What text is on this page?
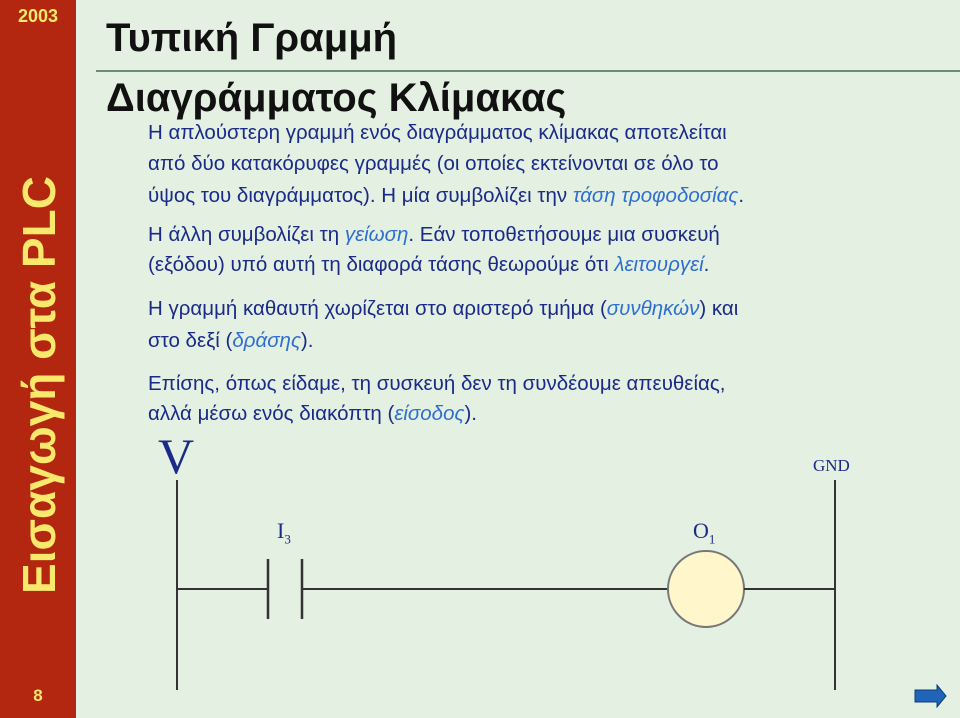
2003
Εισαγωγή στα PLC
8
Τυπική Γραμμή
Διαγράμματος Κλίμακας
Η απλούστερη γραμμή ενός διαγράμματος κλίμακας αποτελείται
από δύο κατακόρυφες γραμμές (οι οποίες εκτείνονται σε όλο το
ύψος του διαγράμματος). Η μία συμβολίζει την τάση τροφοδοσίας.
Η άλλη συμβολίζει τη γείωση. Εάν τοποθετήσουμε μια συσκευή
(εξόδου) υπό αυτή τη διαφορά τάσης θεωρούμε ότι λειτουργεί.
Η γραμμή καθαυτή χωρίζεται στο αριστερό τμήμα (συνθηκών) και
στο δεξί (δράσης).
Επίσης, όπως είδαμε, τη συσκευή δεν τη συνδέουμε απευθείας,
αλλά μέσω ενός διακόπτη (είσοδος).
V	GND
$I_3$	$O_1$
